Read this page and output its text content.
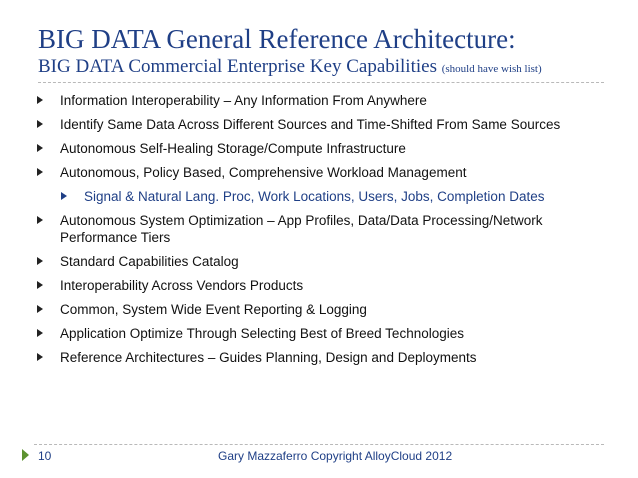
BIG DATA General Reference Architecture:
BIG DATA Commercial Enterprise Key Capabilities (should have wish list)
Information Interoperability – Any Information From Anywhere
Identify Same Data Across Different Sources and Time-Shifted From Same Sources
Autonomous Self-Healing Storage/Compute Infrastructure
Autonomous, Policy Based, Comprehensive Workload Management
Signal & Natural Lang. Proc, Work Locations, Users, Jobs, Completion Dates
Autonomous System Optimization – App Profiles, Data/Data Processing/Network Performance Tiers
Standard Capabilities Catalog
Interoperability Across Vendors Products
Common, System Wide Event Reporting & Logging
Application Optimize Through Selecting Best of Breed Technologies
Reference Architectures – Guides Planning, Design and Deployments
10	Gary Mazzaferro Copyright AlloyCloud 2012
